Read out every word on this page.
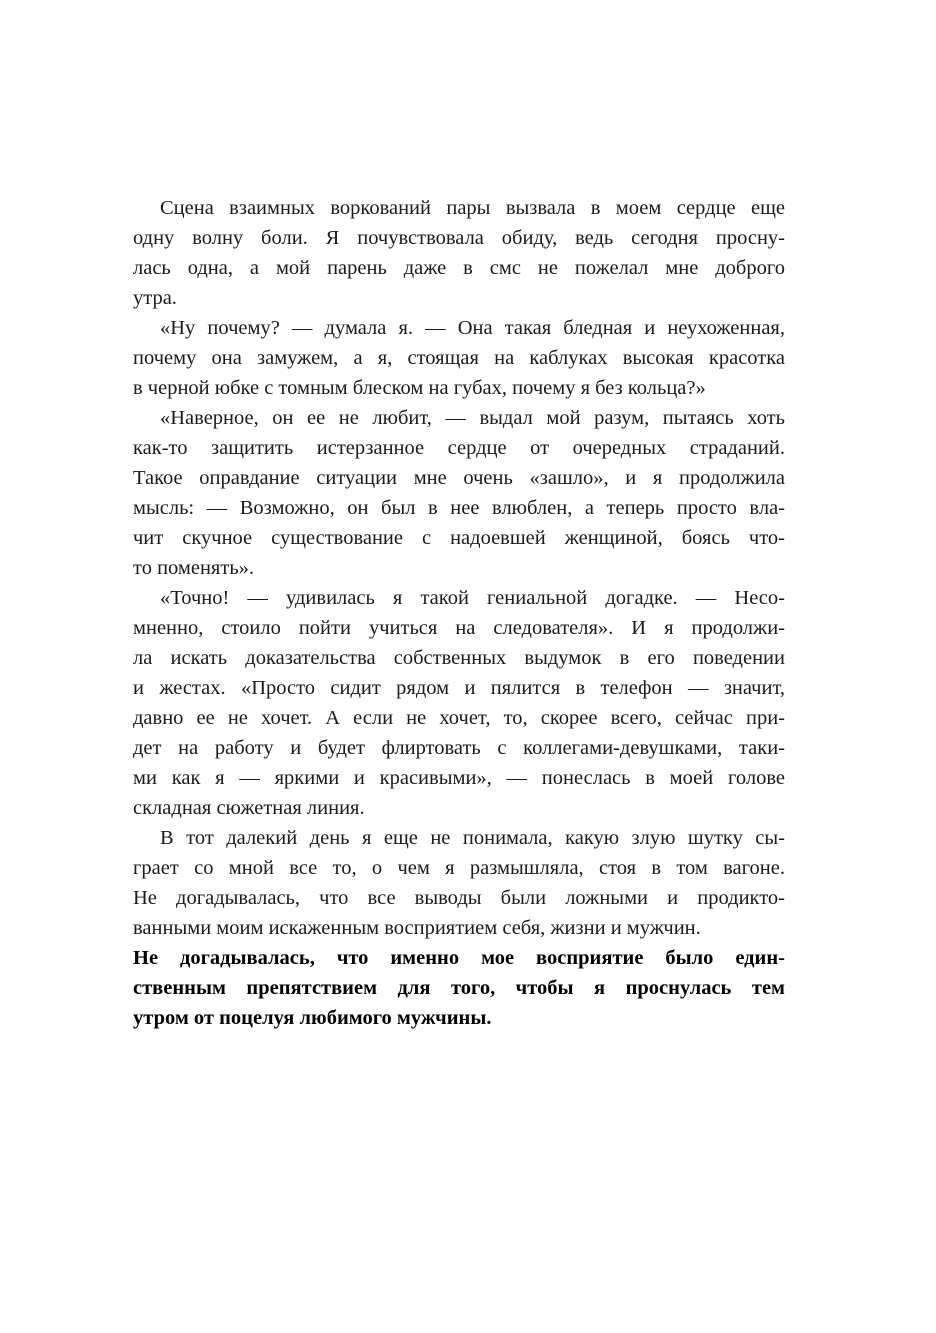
Сцена взаимных воркований пары вызвала в моем сердце еще
одну волну боли. Я почувствовала обиду, ведь сегодня просну-
лась одна, а мой парень даже в смс не пожелал мне доброго
утра.
«Ну почему? — думала я. — Она такая бледная и неухоженная,
почему она замужем, а я, стоящая на каблуках высокая красотка
в черной юбке с томным блеском на губах, почему я без кольца?»
«Наверное, он ее не любит, — выдал мой разум, пытаясь хоть
как-то защитить истерзанное сердце от очередных страданий.
Такое оправдание ситуации мне очень «зашло», и я продолжила
мысль: — Возможно, он был в нее влюблен, а теперь просто вла-
чит скучное существование с надоевшей женщиной, боясь что-
то поменять».
«Точно! — удивилась я такой гениальной догадке. — Несо-
мненно, стоило пойти учиться на следователя». И я продолжи-
ла искать доказательства собственных выдумок в его поведении
и жестах. «Просто сидит рядом и пялится в телефон — значит,
давно ее не хочет. А если не хочет, то, скорее всего, сейчас при-
дет на работу и будет флиртовать с коллегами-девушками, таки-
ми как я — яркими и красивыми», — понеслась в моей голове
складная сюжетная линия.
В тот далекий день я еще не понимала, какую злую шутку сы-
грает со мной все то, о чем я размышляла, стоя в том вагоне.
Не догадывалась, что все выводы были ложными и продикто-
ванными моим искаженным восприятием себя, жизни и мужчин.
Не догадывалась, что именно мое восприятие было един-
ственным препятствием для того, чтобы я проснулась тем
утром от поцелуя любимого мужчины.
